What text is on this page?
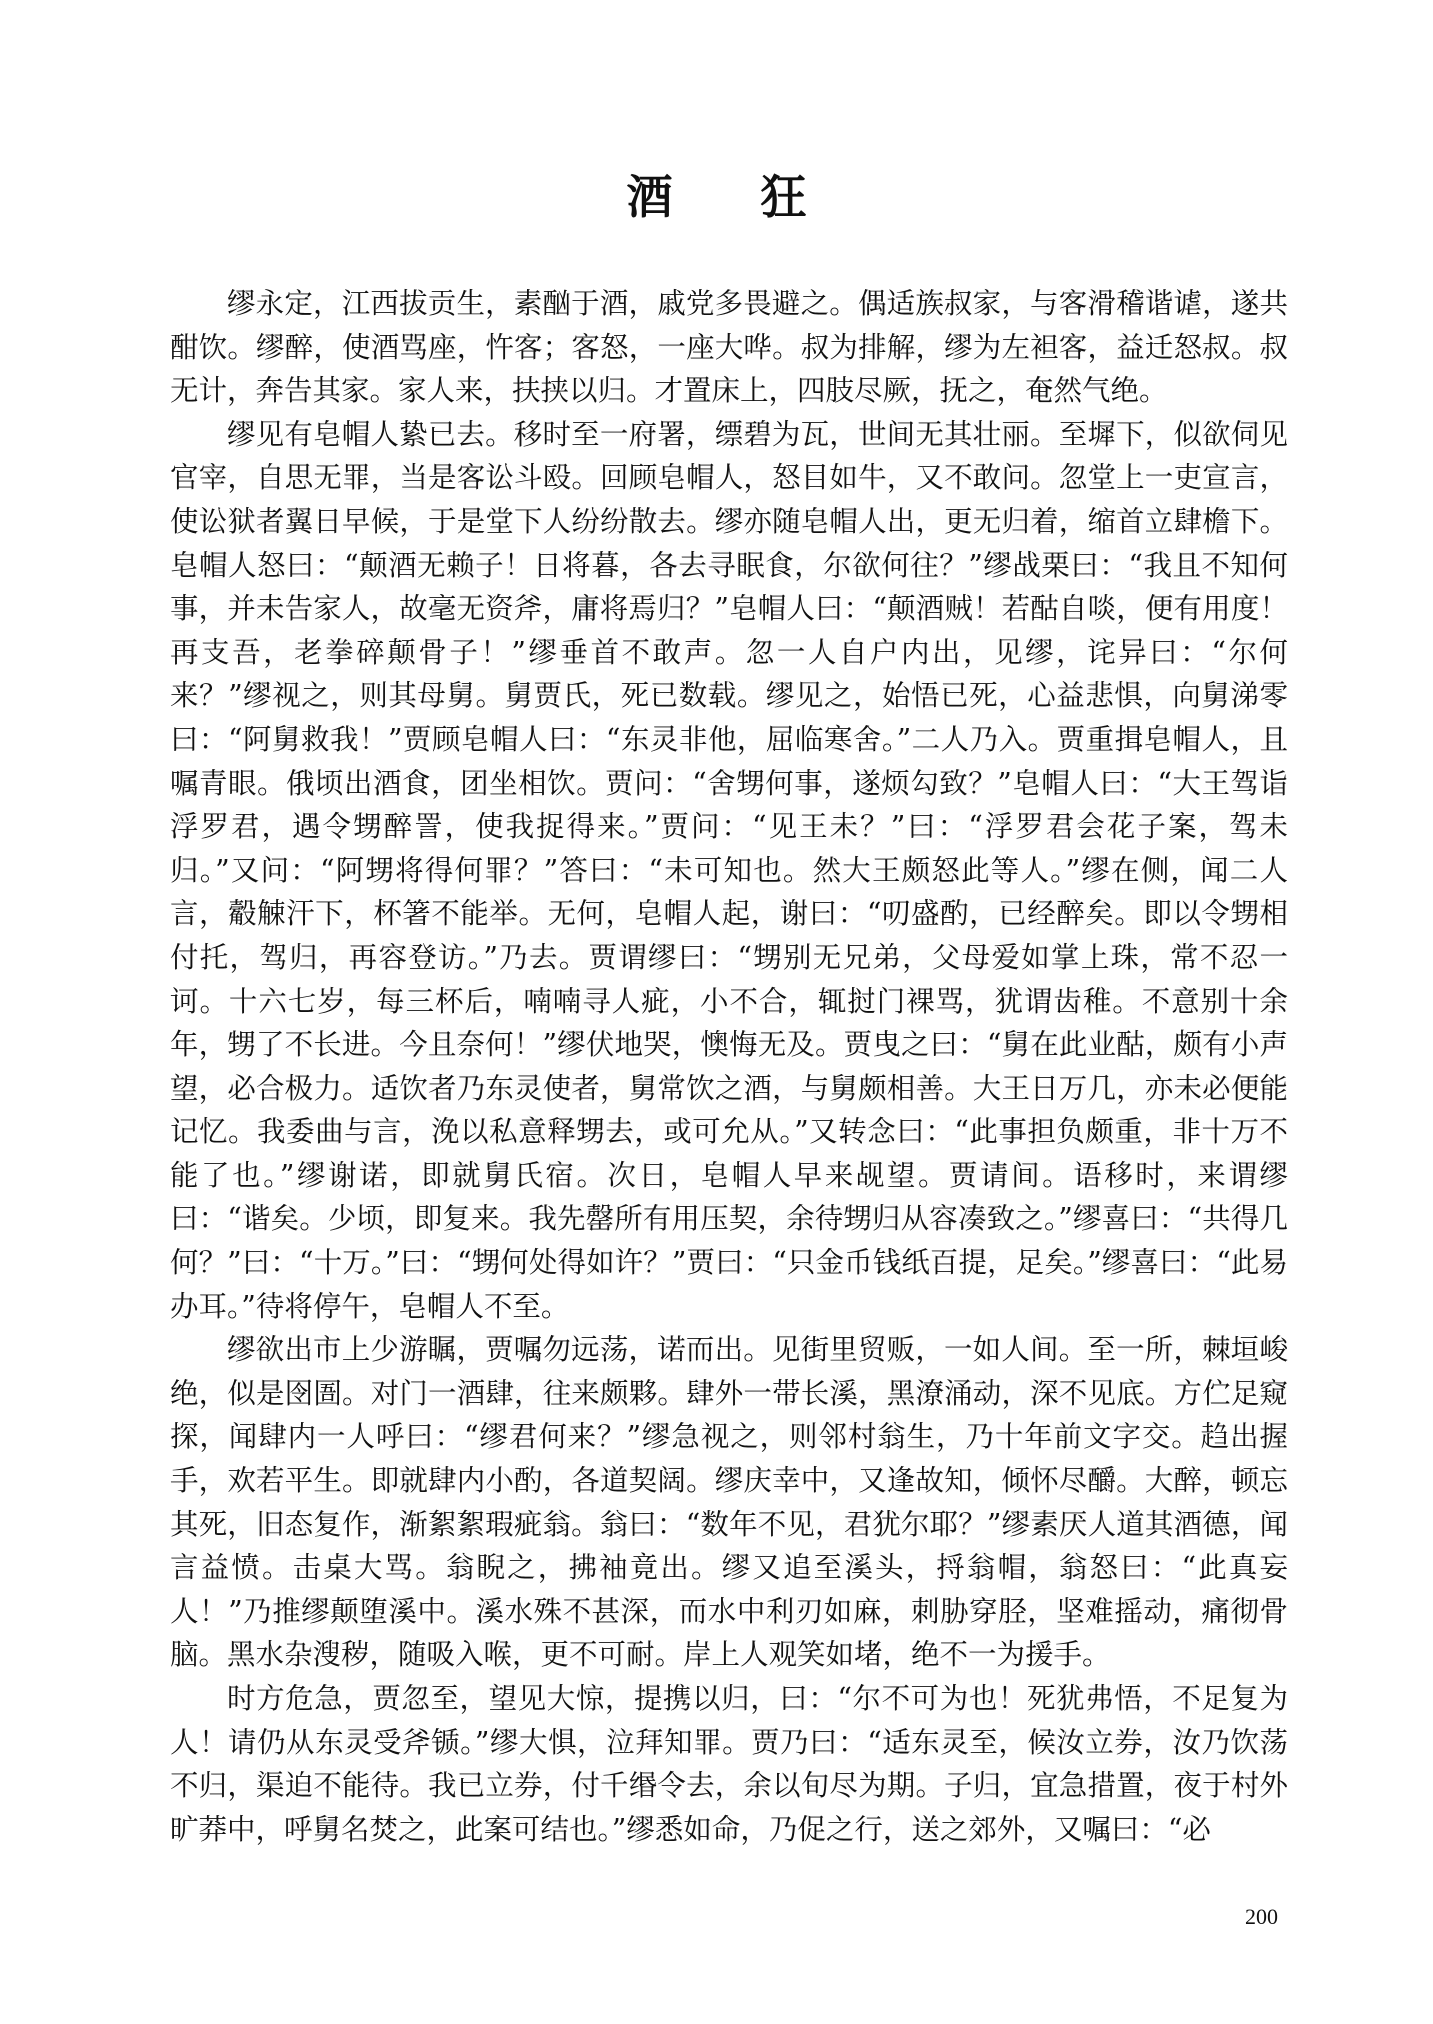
酒 狂

缪永定，江西拔贡生，素酗于酒，戚党多畏避之。偶适族叔家，与客滑稽谐谑，遂共酣饮。缪醉，使酒骂座，忤客；客怒，一座大哗。叔为排解，缪为左袒客，益迁怒叔。叔无计，奔告其家。家人来，扶挟以归。才置床上，四肢尽厥，抚之，奄然气绝。

缪见有皂帽人絷已去。移时至一府署，缥碧为瓦，世间无其壮丽。至墀下，似欲伺见官宰，自思无罪，当是客讼斗殴。回顾皂帽人，怒目如牛，又不敢问。忽堂上一吏宣言，使讼狱者翼日早候，于是堂下人纷纷散去。缪亦随皂帽人出，更无归着，缩首立肆檐下。皂帽人怒曰：“颠酒无赖子！日将暮，各去寻眠食，尔欲何往？”缪战栗曰：“我且不知何事，并未告家人，故毫无资斧，庸将焉归？”皂帽人曰：“颠酒贼！若酤自啖，便有用度！再支吾，老拳碎颠骨子！”缪垂首不敢声。忽一人自户内出，见缪，诧异曰：“尔何来？”缪视之，则其母舅。舅贾氏，死已数载。缪见之，始悟已死，心益悲惧，向舅涕零曰：“阿舅救我！”贾顾皂帽人曰：“东灵非他，屈临寒舍。”二人乃入。贾重揖皂帽人，且嘱青眼。俄顷出酒食，团坐相饮。贾问：“舍甥何事，遂烦勾致？”皂帽人曰：“大王驾诣浮罗君，遇令甥醉詈，使我捉得来。”贾问：“见王未？”曰：“浮罗君会花子案，驾未归。”又问：“阿甥将得何罪？”答曰：“未可知也。然大王颇怒此等人。”缪在侧，闻二人言，觳觫汗下，杯箸不能举。无何，皂帽人起，谢曰：“叨盛酌，已经醉矣。即以令甥相付托，驾归，再容登访。”乃去。贾谓缪曰：“甥别无兄弟，父母爱如掌上珠，常不忍一诃。十六七岁，每三杯后，喃喃寻人疵，小不合，辄挝门裸骂，犹谓齿稚。不意别十余年，甥了不长进。今且奈何！”缪伏地哭，懊悔无及。贾曳之曰：“舅在此业酤，颇有小声望，必合极力。适饮者乃东灵使者，舅常饮之酒，与舅颇相善。大王日万几，亦未必便能记忆。我委曲与言，浼以私意释甥去，或可允从。”又转念曰：“此事担负颇重，非十万不能了也。”缪谢诺，即就舅氏宿。次日，皂帽人早来觇望。贾请间。语移时，来谓缪曰：“谐矣。少顷，即复来。我先罄所有用压契，余待甥归从容凑致之。”缪喜曰：“共得几何？”曰：“十万。”曰：“甥何处得如许？”贾曰：“只金币钱纸百提，足矣。”缪喜曰：“此易办耳。”待将停午，皂帽人不至。

缪欲出市上少游瞩，贾嘱勿远荡，诺而出。见街里贸贩，一如人间。至一所，棘垣峻绝，似是囹圄。对门一酒肆，往来颇夥。肆外一带长溪，黑潦涌动，深不见底。方伫足窥探，闻肆内一人呼曰：“缪君何来？”缪急视之，则邻村翁生，乃十年前文字交。趋出握手，欢若平生。即就肆内小酌，各道契阔。缪庆幸中，又逢故知，倾怀尽釂。大醉，顿忘其死，旧态复作，渐絮絮瑕疵翁。翁曰：“数年不见，君犹尔耶？”缪素厌人道其酒德，闻言益愤。击桌大骂。翁睨之，拂袖竟出。缪又追至溪头，捋翁帽，翁怒曰：“此真妄人！”乃推缪颠堕溪中。溪水殊不甚深，而水中利刃如麻，刺胁穿胫，坚难摇动，痛彻骨脑。黑水杂溲秽，随吸入喉，更不可耐。岸上人观笑如堵，绝不一为援手。

时方危急，贾忽至，望见大惊，提携以归，曰：“尔不可为也！死犹弗悟，不足复为人！请仍从东灵受斧锧。”缪大惧，泣拜知罪。贾乃曰：“适东灵至，候汝立券，汝乃饮荡不归，渠迫不能待。我已立券，付千缗令去，余以旬尽为期。子归，宜急措置，夜于村外旷莽中，呼舅名焚之，此案可结也。”缪悉如命，乃促之行，送之郊外，又嘱曰：“必

200
